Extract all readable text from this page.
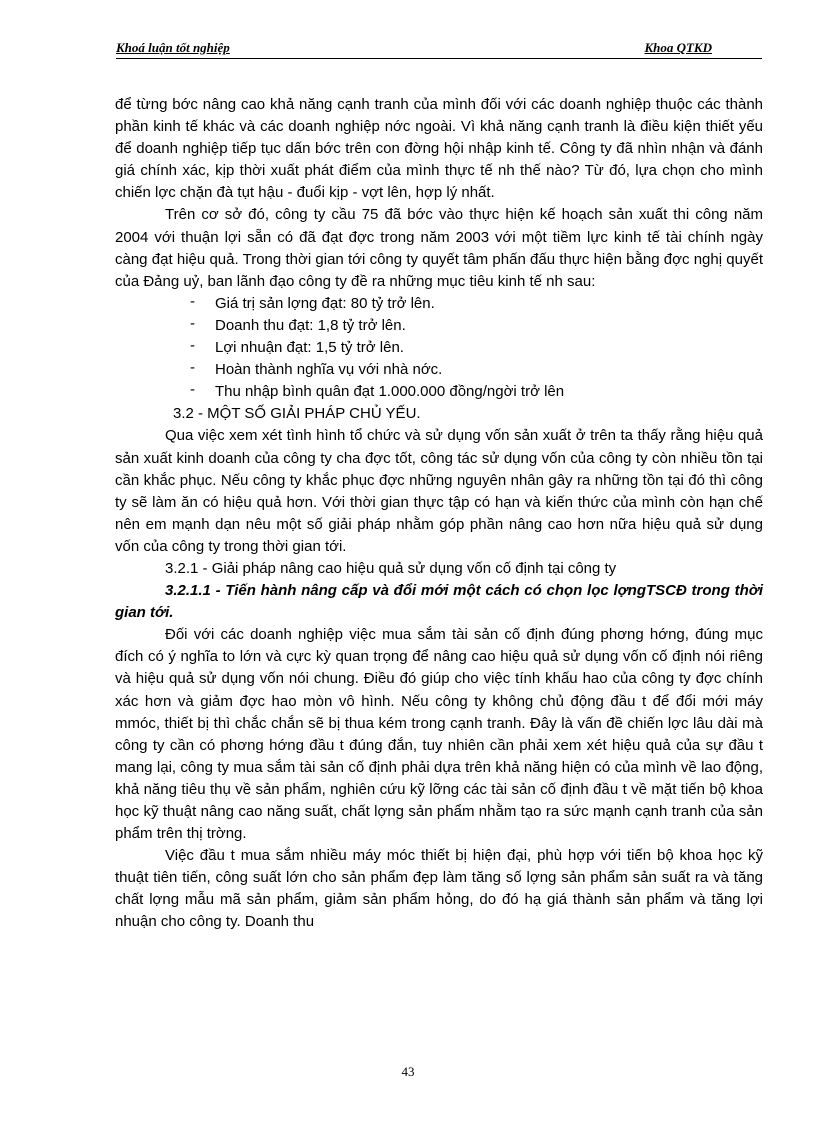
Khoá luận tốt nghiệp	Khoa QTKD

để từng bớc nâng cao khả năng cạnh tranh của mình đối với các doanh nghiệp thuộc các thành phần kinh tế khác và các doanh nghiệp nớc ngoài. Vì khả năng cạnh tranh là điều kiện thiết yếu để doanh nghiệp tiếp tục dấn bớc trên con đờng hội nhập kinh tế. Công ty đã nhìn nhận và đánh giá chính xác, kịp thời xuất phát điểm của mình thực tế nh thế nào? Từ đó, lựa chọn cho mình chiến lợc chặn đà tụt hậu - đuổi kịp - vợt lên, hợp lý nhất.

Trên cơ sở đó, công ty cầu 75 đã bớc vào thực hiện kế hoạch sản xuất thi công năm 2004 với thuận lợi sẵn có đã đạt đợc trong năm 2003 với một tiềm lực kinh tế tài chính ngày càng đạt hiệu quả. Trong thời gian tới công ty quyết tâm phấn đấu thực hiện bằng đợc nghị quyết của Đảng uỷ, ban lãnh đạo công ty đề ra những mục tiêu kinh tế nh sau:

- Giá trị sản lợng đạt: 80 tỷ trở lên.
- Doanh thu đạt: 1,8 tỷ trở lên.
- Lợi nhuận đạt: 1,5 tỷ trở lên.
- Hoàn thành nghĩa vụ với nhà nớc.
- Thu nhập bình quân đạt 1.000.000 đồng/ngời trở lên

3.2 - MỘT SỐ GIẢI PHÁP CHỦ YẾU.

Qua việc xem xét tình hình tổ chức và sử dụng vốn sản xuất ở trên ta thấy rằng hiệu quả sản xuất kinh doanh của công ty cha đợc tốt, công tác sử dụng vốn của công ty còn nhiều tồn tại cần khắc phục. Nếu công ty khắc phục đợc những nguyên nhân gây ra những tồn tại đó thì công ty sẽ làm ăn có hiệu quả hơn. Với thời gian thực tập có hạn và kiến thức của mình còn hạn chế nên em mạnh dạn nêu một số giải pháp nhằm góp phần nâng cao hơn nữa hiệu quả sử dụng vốn của công ty trong thời gian tới.

3.2.1 - Giải pháp nâng cao hiệu quả sử dụng vốn cố định tại công ty

3.2.1.1 - Tiến hành nâng cấp và đổi mới một cách có chọn lọc lợngTSCĐ trong thời gian tới.

Đối với các doanh nghiệp việc mua sắm tài sản cố định đúng phơng hớng, đúng mục đích có ý nghĩa to lớn và cực kỳ quan trọng để nâng cao hiệu quả sử dụng vốn cố định nói riêng và hiệu quả sử dụng vốn nói chung. Điều đó giúp cho việc tính khấu hao của công ty đợc chính xác hơn và giảm đợc hao mòn vô hình. Nếu công ty không chủ động đầu t để đổi mới máy mmóc, thiết bị thì chắc chắn sẽ bị thua kém trong cạnh tranh. Đây là vấn đề chiến lợc lâu dài mà công ty cần có phơng hớng đầu t đúng đắn, tuy nhiên cần phải xem xét hiệu quả của sự đầu t mang lại, công ty mua sắm tài sản cố định phải dựa trên khả năng hiện có của mình về lao động, khả năng tiêu thụ về sản phẩm, nghiên cứu kỹ lỡng các tài sản cố định đầu t về mặt tiến bộ khoa học kỹ thuật nâng cao năng suất, chất lợng sản phẩm nhằm tạo ra sức mạnh cạnh tranh của sản phẩm trên thị trờng.

Việc đầu t mua sắm nhiều máy móc thiết bị hiện đại, phù hợp với tiến bộ khoa học kỹ thuật tiên tiến, công suất lớn cho sản phẩm đẹp làm tăng số lợng sản phẩm sản suất ra và tăng chất lợng mẫu mã sản phẩm, giảm sản phẩm hỏng, do đó hạ giá thành sản phẩm và tăng lợi nhuận cho công ty. Doanh thu

43
